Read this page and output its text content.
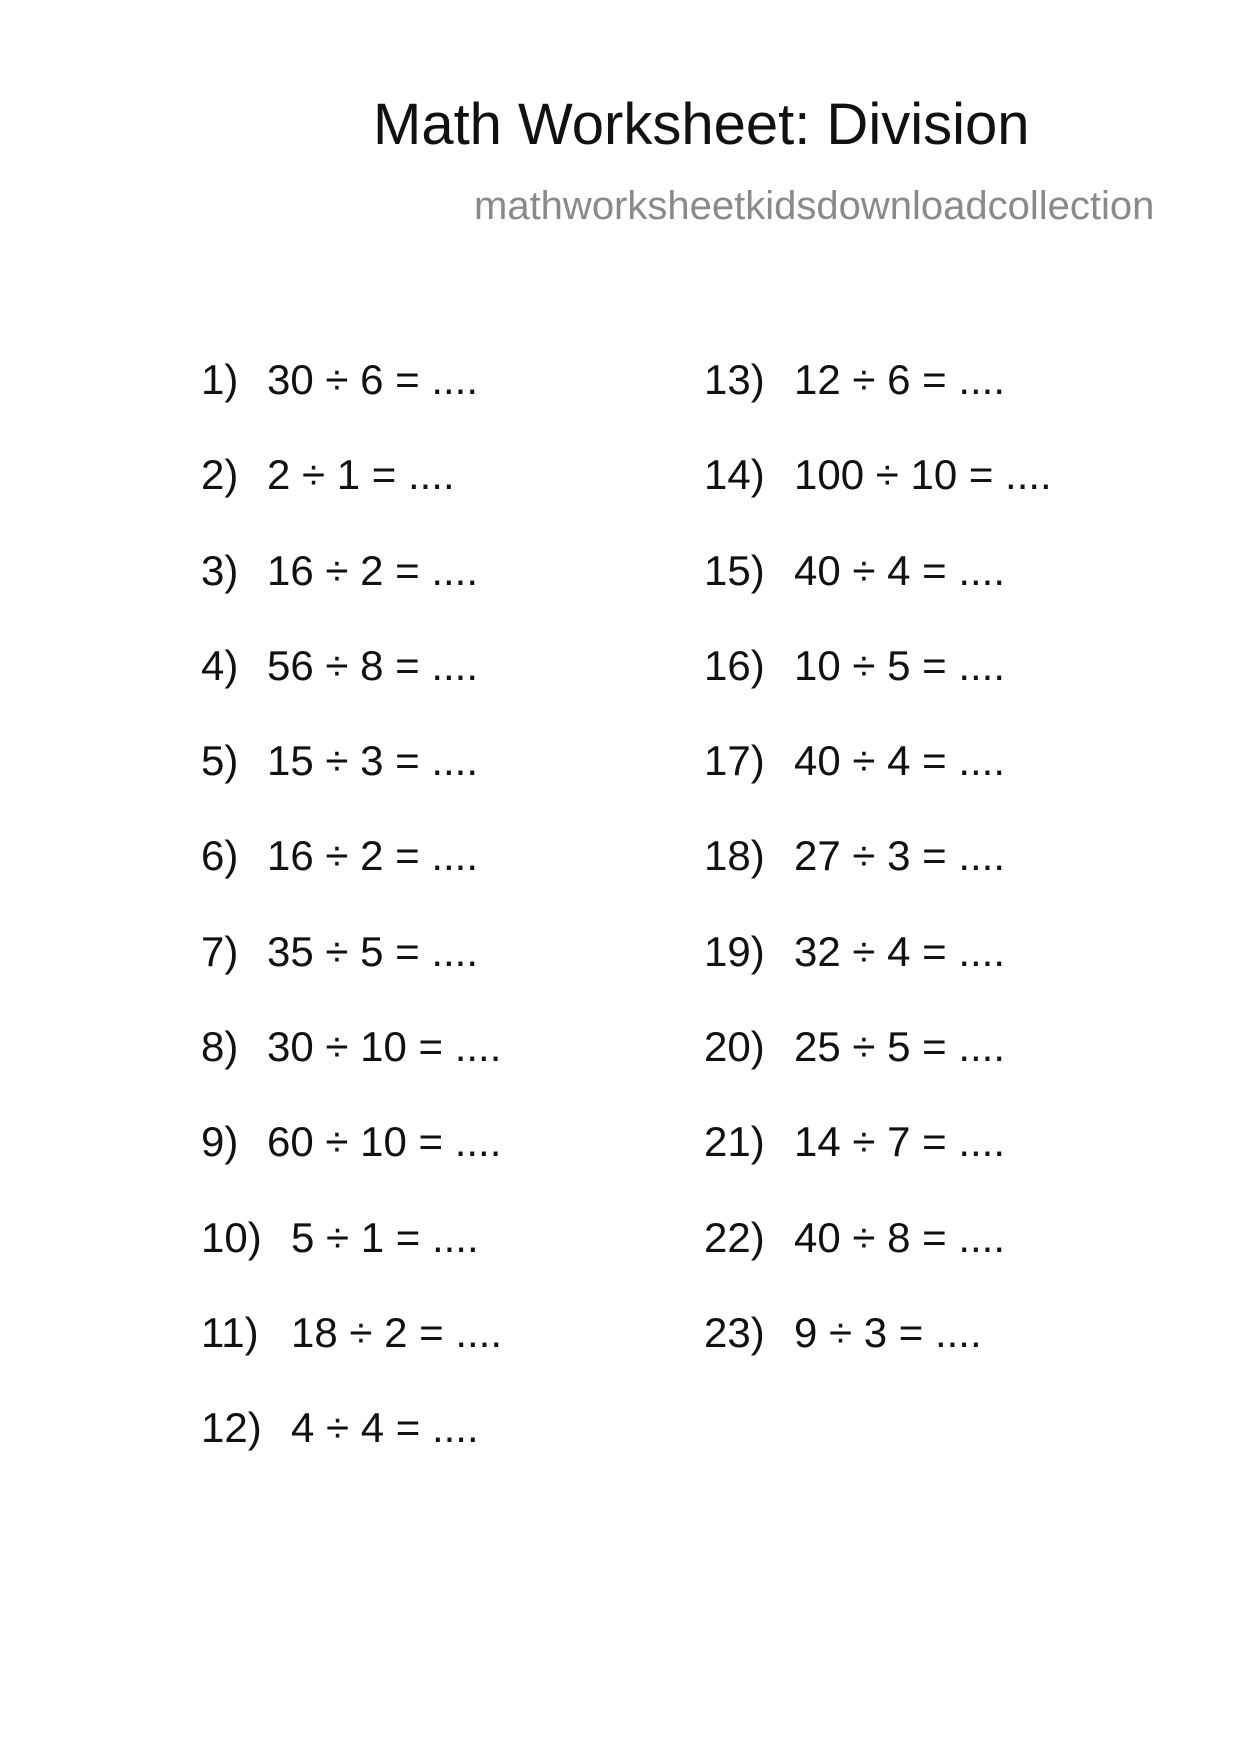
Math Worksheet: Division
mathworksheetkidsdownloadcollection
1) 30 ÷ 6 = ....
2) 2 ÷ 1 = ....
3) 16 ÷ 2 = ....
4) 56 ÷ 8 = ....
5) 15 ÷ 3 = ....
6) 16 ÷ 2 = ....
7) 35 ÷ 5 = ....
8) 30 ÷ 10 = ....
9) 60 ÷ 10 = ....
10) 5 ÷ 1 = ....
11) 18 ÷ 2 = ....
12) 4 ÷ 4 = ....
13) 12 ÷ 6 = ....
14) 100 ÷ 10 = ....
15) 40 ÷ 4 = ....
16) 10 ÷ 5 = ....
17) 40 ÷ 4 = ....
18) 27 ÷ 3 = ....
19) 32 ÷ 4 = ....
20) 25 ÷ 5 = ....
21) 14 ÷ 7 = ....
22) 40 ÷ 8 = ....
23) 9 ÷ 3 = ....
